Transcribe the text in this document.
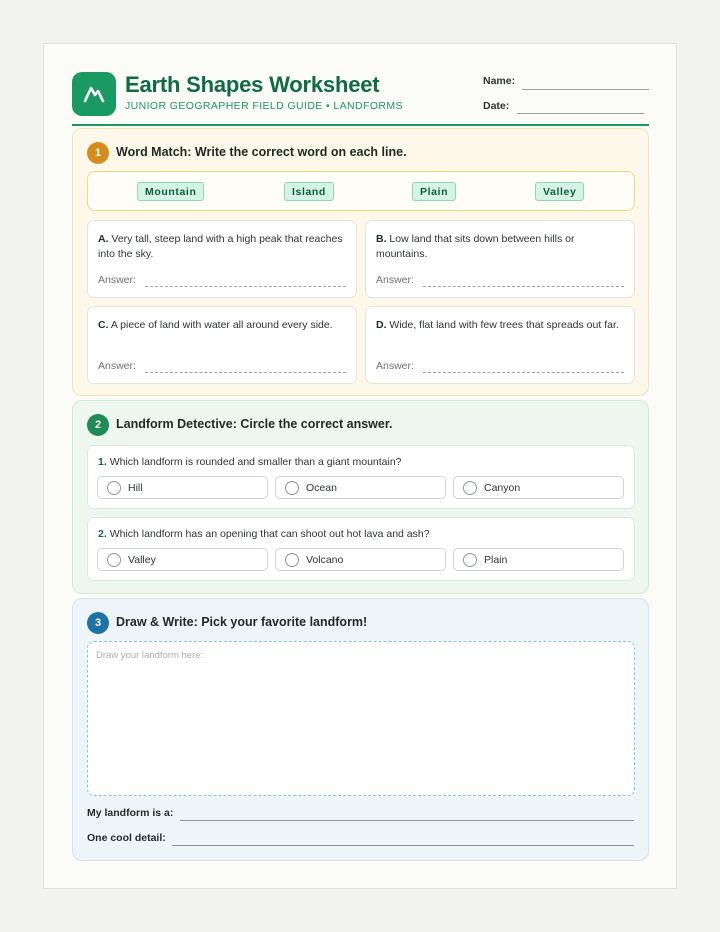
Earth Shapes Worksheet
JUNIOR GEOGRAPHER FIELD GUIDE • LANDFORMS
Name:
Date:
1	Word Match: Write the correct word on each line.
Mountain	Island	Plain	Valley
A. Very tall, steep land with a high peak that reaches into the sky.
Answer:
B. Low land that sits down between hills or mountains.
Answer:
C. A piece of land with water all around every side.
Answer:
D. Wide, flat land with few trees that spreads out far.
Answer:
2	Landform Detective: Circle the correct answer.
1. Which landform is rounded and smaller than a giant mountain?
Hill	Ocean	Canyon
2. Which landform has an opening that can shoot out hot lava and ash?
Valley	Volcano	Plain
3	Draw & Write: Pick your favorite landform!
Draw your landform here:
My landform is a:
One cool detail:
